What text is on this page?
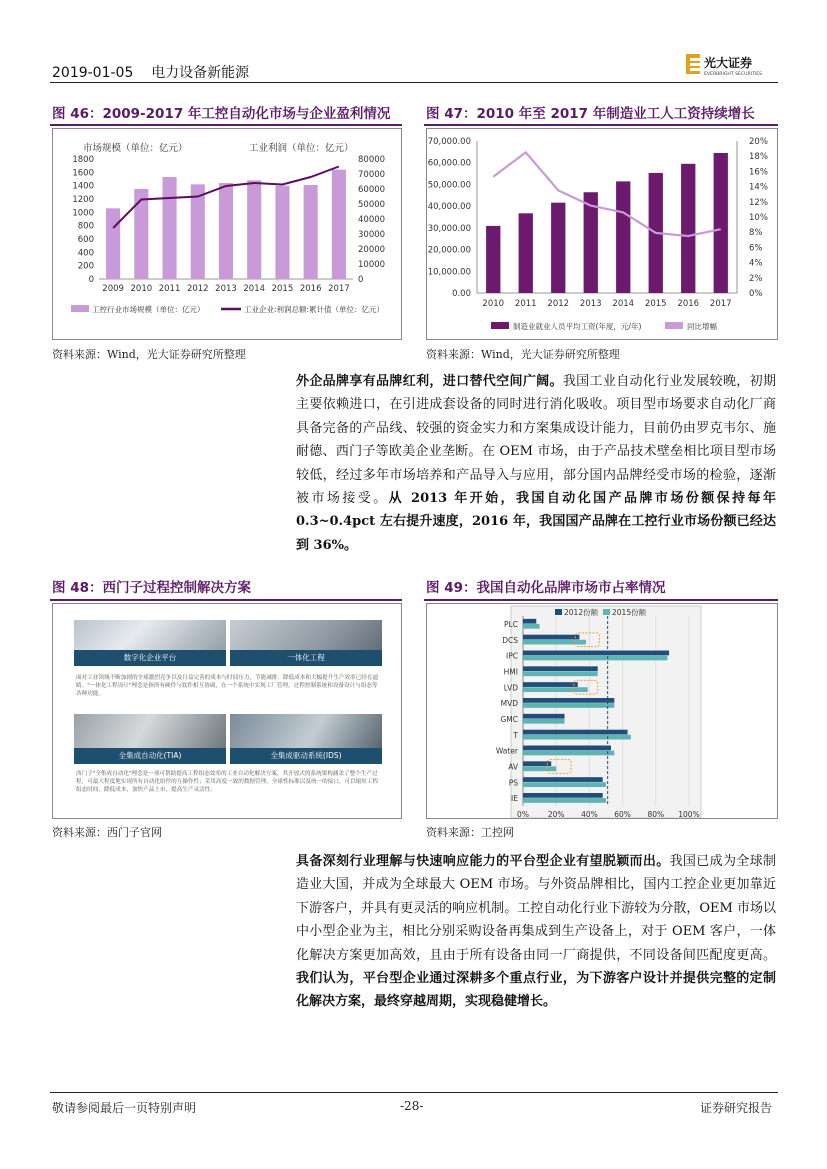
2019-01-05 电力设备新能源
光大证券
EVERBRIGHT SECURITIES
图 46：2009-2017 年工控自动化市场与企业盈利情况
0
200
400
600
800
1000
1200
1400
1600
1800
0
10000
20000
30000
40000
50000
60000
70000
80000
2009 2010 2011 2012 2013 2014 2015 2016 2017
市场规模（单位：亿元）	工业利润（单位：亿元）
工控行业市场规模（单位：亿元）	工业企业:利润总额:累计值（单位：亿元）
资料来源：Wind，光大证券研究所整理
图 47：2010 年至 2017 年制造业工人工资持续增长
0.00
10,000.00
20,000.00
30,000.00
40,000.00
50,000.00
60,000.00
70,000.00
0%
2%
4%
6%
8%
10%
12%
14%
16%
18%
20%
2010 2011 2012 2013 2014 2015 2016 2017
制造业就业人员平均工资(年度，元/年)	同比增幅
资料来源：Wind，光大证券研究所整理
外企品牌享有品牌红利，进口替代空间广阔。我国工业自动化行业发展较晚，初期主要依赖进口，在引进成套设备的同时进行消化吸收。项目型市场要求自动化厂商具备完备的产品线、较强的资金实力和方案集成设计能力，目前仍由罗克韦尔、施耐德、西门子等欧美企业垄断。在 OEM 市场，由于产品技术壁垒相比项目型市场较低，经过多年市场培养和产品导入与应用，部分国内品牌经受市场的检验，逐渐被市场接受。从 2013 年开始，我国自动化国产品牌市场份额保持每年 0.3~0.4pct 左右提升速度，2016 年，我国国产品牌在工控行业市场份额已经达到 36%。
图 48：西门子过程控制解决方案
数字化企业平台	一体化工程
面对工业领域不断加剧的全球激烈竞争以及日益完善的成本与时间压力，节能减排、降低成本和大幅提升生产效率已经在逼睛。"一体化工程设计"理念是指所有硬件与软件相互协调，在一个系统中实现工厂管理，过程控制系统和设备设计与组态等各种功能。
全集成自动化(TIA)	全集成驱动系统(IDS)
西门子"全集成自动化"理念是一项可帮助提高工程组态效率的工业自动化解决方案，其开放式的系统架构涵盖了整个生产过程，可最大程度地实现所有自动化组件的互操作性；采用高度一致的数据管理、全球性标准以及统一的接口，可以缩短工程组态时间，降低成本，加快产品上市，提高生产灵活性。
资料来源：西门子官网
图 49：我国自动化品牌市场市占率情况
0%	20% 40% 60% 80% 100%
PLC
DCS
IPC
HMI
LVD
MVD
GMC
T
Water
AV
PS
IE
2012份额 2015份额
资料来源：工控网
具备深刻行业理解与快速响应能力的平台型企业有望脱颖而出。我国已成为全球制造业大国，并成为全球最大 OEM 市场。与外资品牌相比，国内工控企业更加靠近下游客户，并具有更灵活的响应机制。工控自动化行业下游较为分散，OEM 市场以中小型企业为主，相比分别采购设备再集成到生产设备上，对于 OEM 客户，一体化解决方案更加高效，且由于所有设备由同一厂商提供，不同设备间匹配度更高。我们认为，平台型企业通过深耕多个重点行业，为下游客户设计并提供完整的定制化解决方案，最终穿越周期，实现稳健增长。
敬请参阅最后一页特别声明	-28-	证券研究报告
